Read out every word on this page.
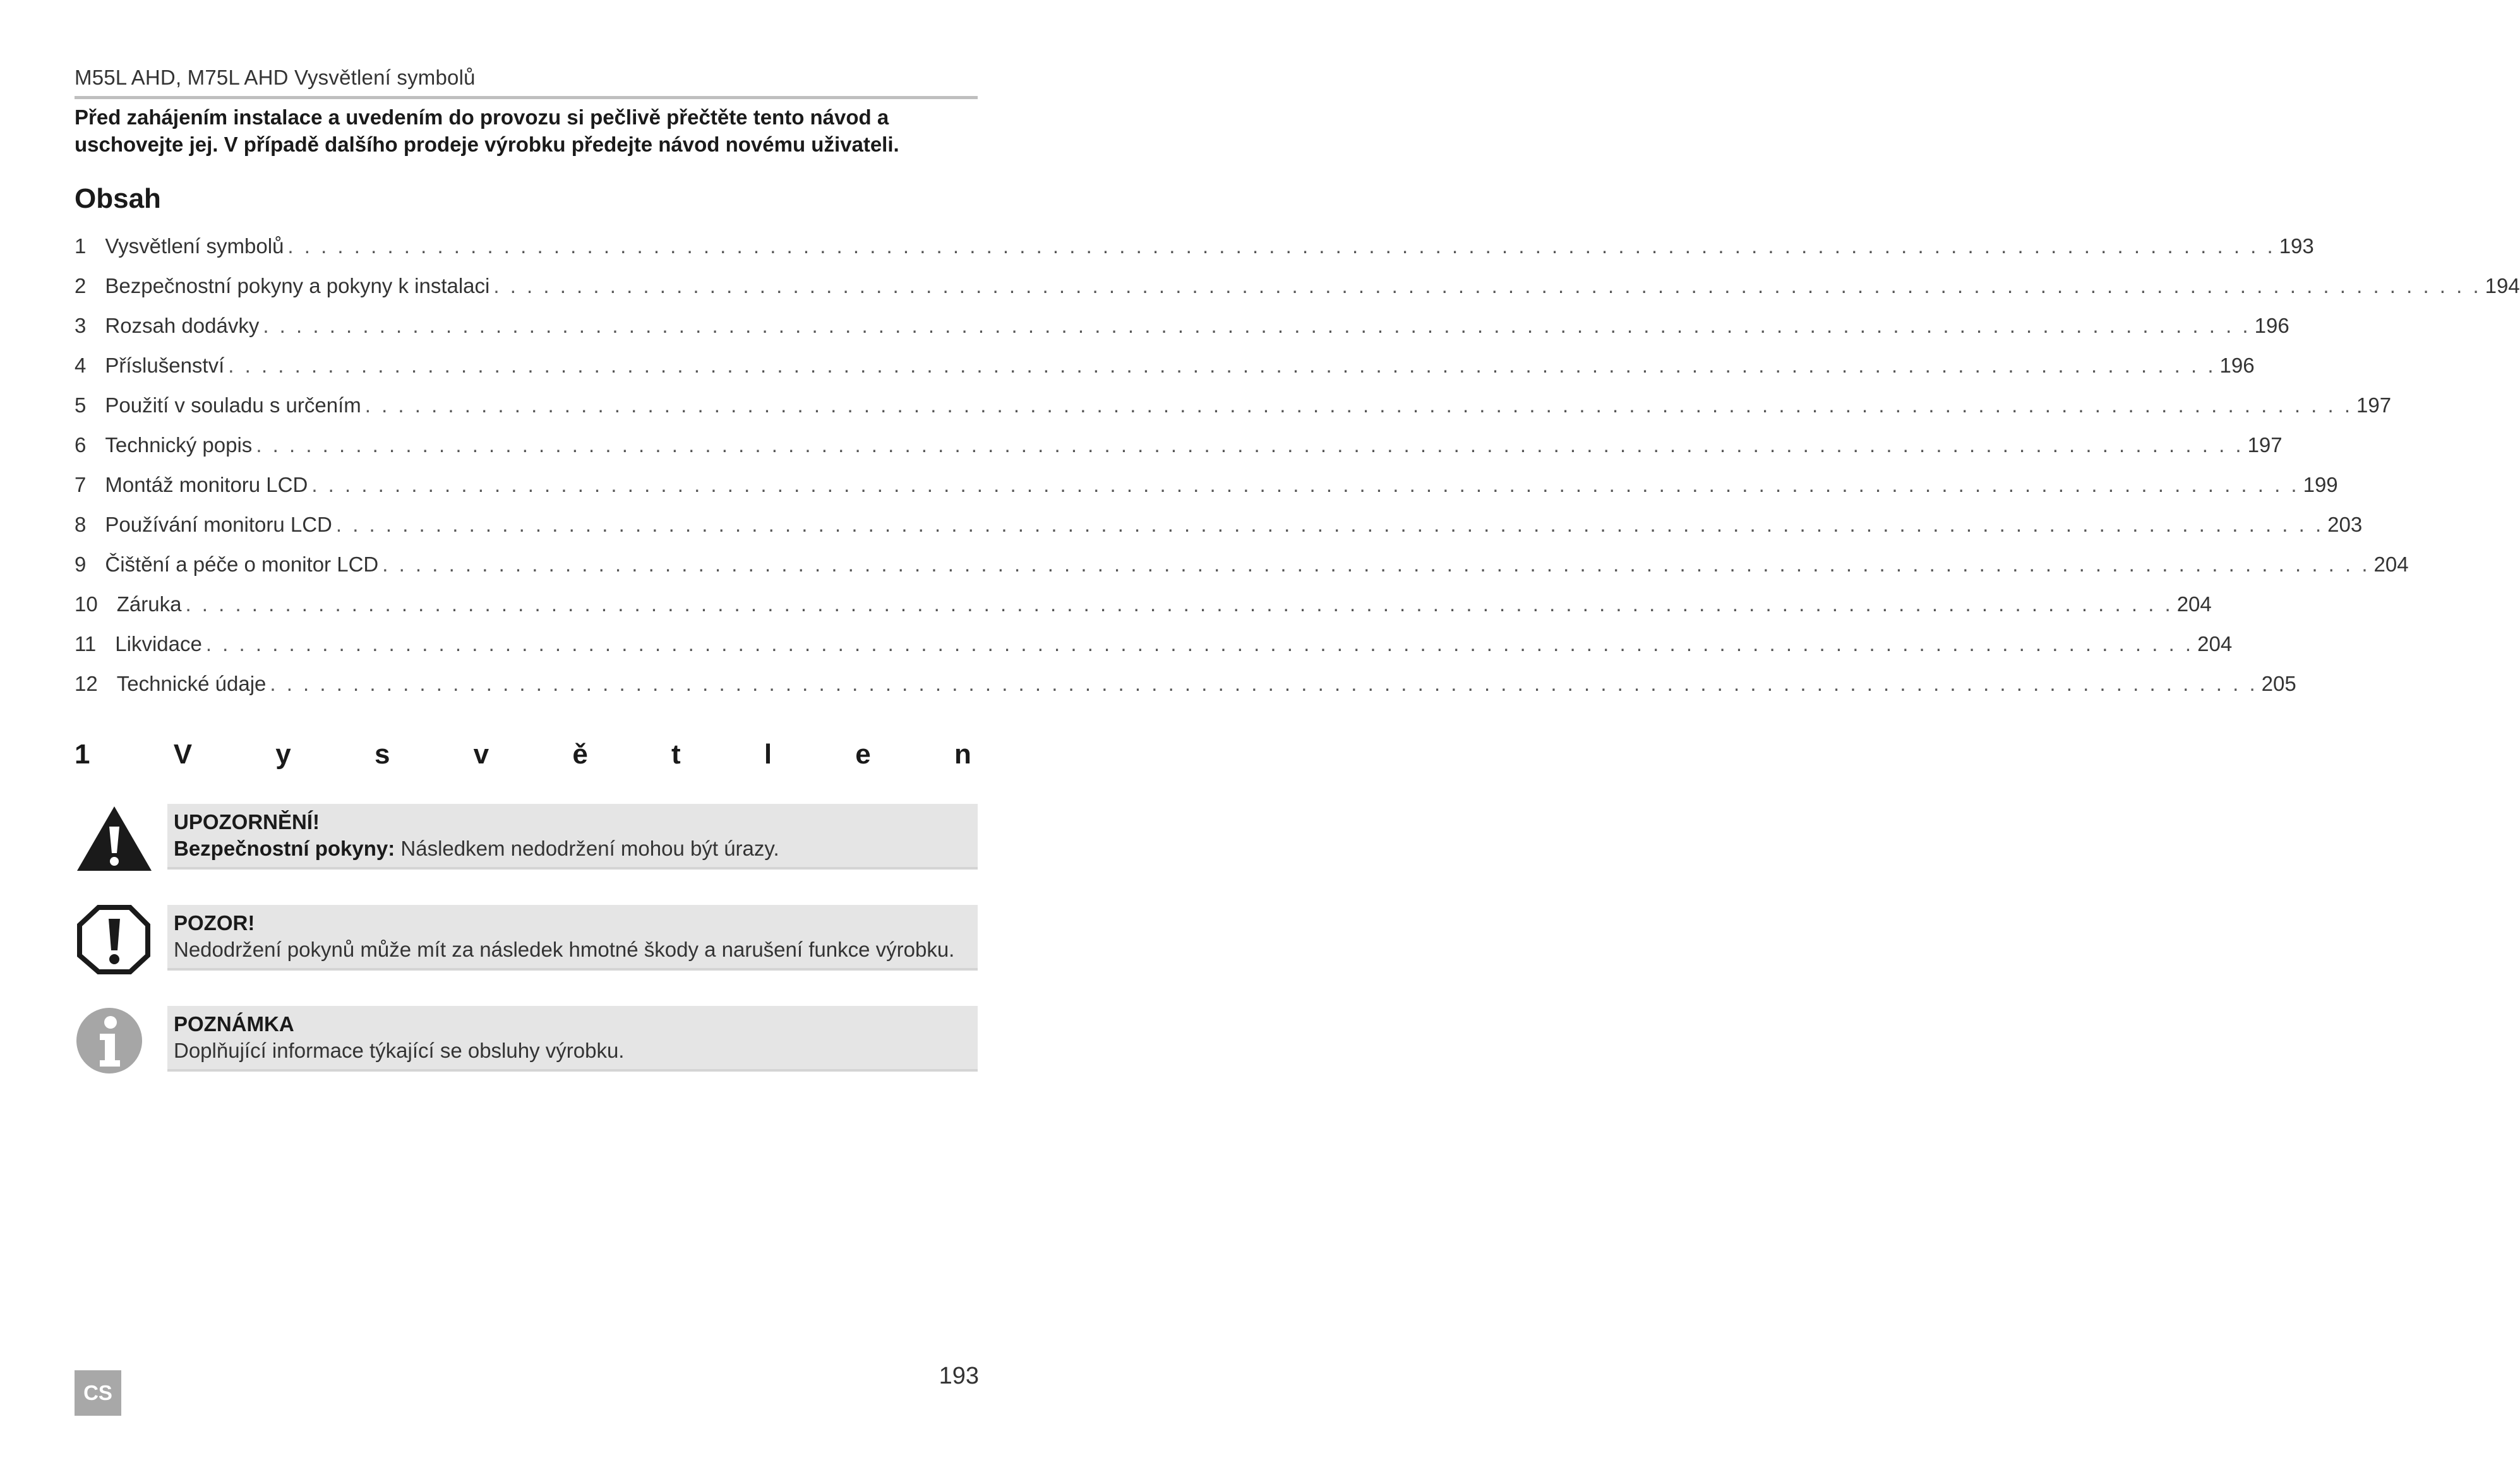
M55L AHD, M75L AHD Vysvětlení symbolů
Před zahájením instalace a uvedením do provozu si pečlivě přečtěte tento návod a uschovejte jej. V případě dalšího prodeje výrobku předejte návod novému uživateli.
Obsah
1 Vysvětlení symbolů . . . . . . . . . . . . . . . . . . . . . . . . . . . . . . . . . . . . . . . . . . . . . . . . . . . . . . . . . . . . . . . . . . . . . . . . . . . . . . . . . . . . . . . . . . . . . . . . . . . . . . . . . . . . . . . . . . . . . . . . 193
2 Bezpečnostní pokyny a pokyny k instalaci . . . . . . . . . . . . . . . . . . . . . . . . . . . . . . . . . . . . . . . . . . . . . . . . . . . . . . . . . . . . . . . . . . . . . . . . . . . . . . . . . . . . . . . . . . . . . . . . . . . . . . . . . . . . . . . . . . . . . . . . 194
3 Rozsah dodávky . . . . . . . . . . . . . . . . . . . . . . . . . . . . . . . . . . . . . . . . . . . . . . . . . . . . . . . . . . . . . . . . . . . . . . . . . . . . . . . . . . . . . . . . . . . . . . . . . . . . . . . . . . . . . . . . . . . . . . . . 196
4 Příslušenství . . . . . . . . . . . . . . . . . . . . . . . . . . . . . . . . . . . . . . . . . . . . . . . . . . . . . . . . . . . . . . . . . . . . . . . . . . . . . . . . . . . . . . . . . . . . . . . . . . . . . . . . . . . . . . . . . . . . . . . . 196
5 Použití v souladu s určením . . . . . . . . . . . . . . . . . . . . . . . . . . . . . . . . . . . . . . . . . . . . . . . . . . . . . . . . . . . . . . . . . . . . . . . . . . . . . . . . . . . . . . . . . . . . . . . . . . . . . . . . . . . . . . . . . . . . . . . . 197
6 Technický popis . . . . . . . . . . . . . . . . . . . . . . . . . . . . . . . . . . . . . . . . . . . . . . . . . . . . . . . . . . . . . . . . . . . . . . . . . . . . . . . . . . . . . . . . . . . . . . . . . . . . . . . . . . . . . . . . . . . . . . . . 197
7 Montáž monitoru LCD . . . . . . . . . . . . . . . . . . . . . . . . . . . . . . . . . . . . . . . . . . . . . . . . . . . . . . . . . . . . . . . . . . . . . . . . . . . . . . . . . . . . . . . . . . . . . . . . . . . . . . . . . . . . . . . . . . . . . . . . 199
8 Používání monitoru LCD . . . . . . . . . . . . . . . . . . . . . . . . . . . . . . . . . . . . . . . . . . . . . . . . . . . . . . . . . . . . . . . . . . . . . . . . . . . . . . . . . . . . . . . . . . . . . . . . . . . . . . . . . . . . . . . . . . . . . . . . 203
9 Čištění a péče o monitor LCD . . . . . . . . . . . . . . . . . . . . . . . . . . . . . . . . . . . . . . . . . . . . . . . . . . . . . . . . . . . . . . . . . . . . . . . . . . . . . . . . . . . . . . . . . . . . . . . . . . . . . . . . . . . . . . . . . . . . . . . . 204
10 Záruka . . . . . . . . . . . . . . . . . . . . . . . . . . . . . . . . . . . . . . . . . . . . . . . . . . . . . . . . . . . . . . . . . . . . . . . . . . . . . . . . . . . . . . . . . . . . . . . . . . . . . . . . . . . . . . . . . . . . . . . . 204
11 Likvidace . . . . . . . . . . . . . . . . . . . . . . . . . . . . . . . . . . . . . . . . . . . . . . . . . . . . . . . . . . . . . . . . . . . . . . . . . . . . . . . . . . . . . . . . . . . . . . . . . . . . . . . . . . . . . . . . . . . . . . . . 204
12 Technické údaje . . . . . . . . . . . . . . . . . . . . . . . . . . . . . . . . . . . . . . . . . . . . . . . . . . . . . . . . . . . . . . . . . . . . . . . . . . . . . . . . . . . . . . . . . . . . . . . . . . . . . . . . . . . . . . . . . . . . . . . . 205
1	V	y	s	v	ě	t	l	e	n
UPOZORNĚNÍ!
Bezpečnostní pokyny: Následkem nedodržení mohou být úrazy.
POZOR!
Nedodržení pokynů může mít za následek hmotné škody a narušení funkce výrobku.
POZNÁMKA
Doplňující informace týkající se obsluhy výrobku.
193
CS
